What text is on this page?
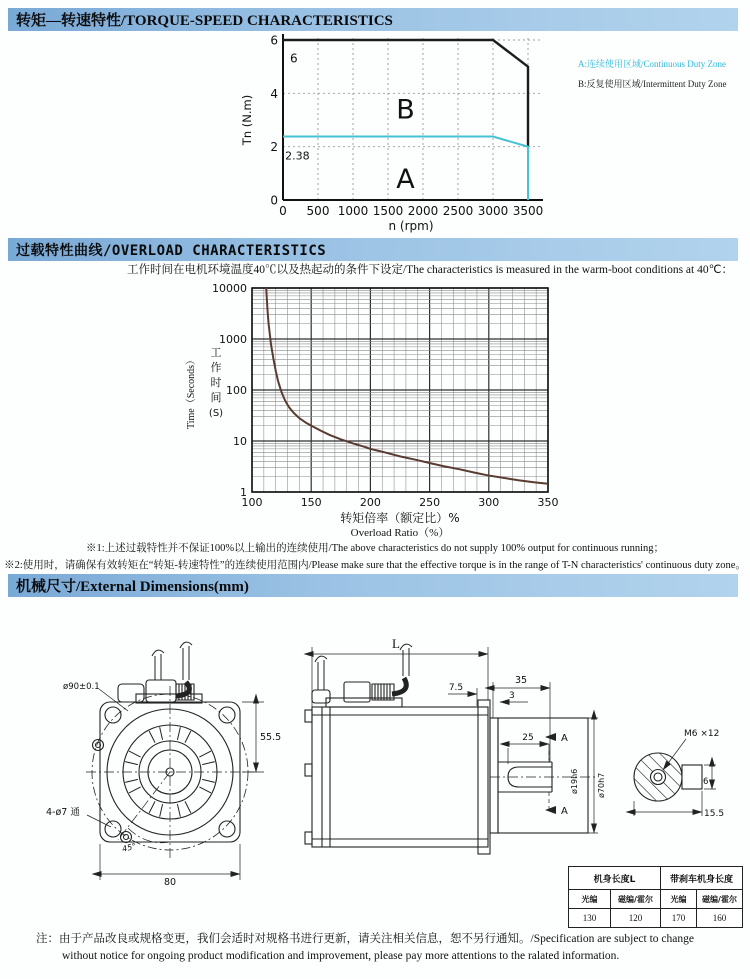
转矩—转速特性/TORQUE-SPEED CHARACTERISTICS
0
2
4
6
0 500 1000 1500 2000 2500 3000 3500
Tn (N.m)
n (rpm)
6
2.38
B
A
A:连续使用区域/Continuous Duty Zone
B:反复使用区域/Intermittent Duty Zone
过载特性曲线/OVERLOAD CHARACTERISTICS
工作时间在电机环境温度40℃以及热起动的条件下设定/The characteristics is measured in the warm-boot conditions at 40℃：
1
10
100
1000
10000
100	150	200	250	300	350
转矩倍率（额定比）%
Overload Ratio（%）
Time（Seconds）
工
作
时
间
(S)
※1:上述过载特性并不保证100%以上输出的连续使用/The above characteristics do not supply 100% output for continuous running；
※2:使用时，请确保有效转矩在“转矩-转速特性”的连续使用范围内/Please make sure that the effective torque is in the range of T-N characteristics' continuous duty zone。
机械尺寸/External Dimensions(mm)
ø90±0.1
55.5
4-ø7 通
45°
80
L
35
7.5
3
25	A
A
ø19h6 ø70h7
M6 ×12
6
15.5
机身长度L		带刹车机身长度	
光编	磁编/霍尔	光编	磁编/霍尔
130	120	170	160
注：由于产品改良或规格变更，我们会适时对规格书进行更新，请关注相关信息，恕不另行通知。/Specification are subject to change without notice for ongoing product modification and improvement, please pay more attentions to the ralated information.
